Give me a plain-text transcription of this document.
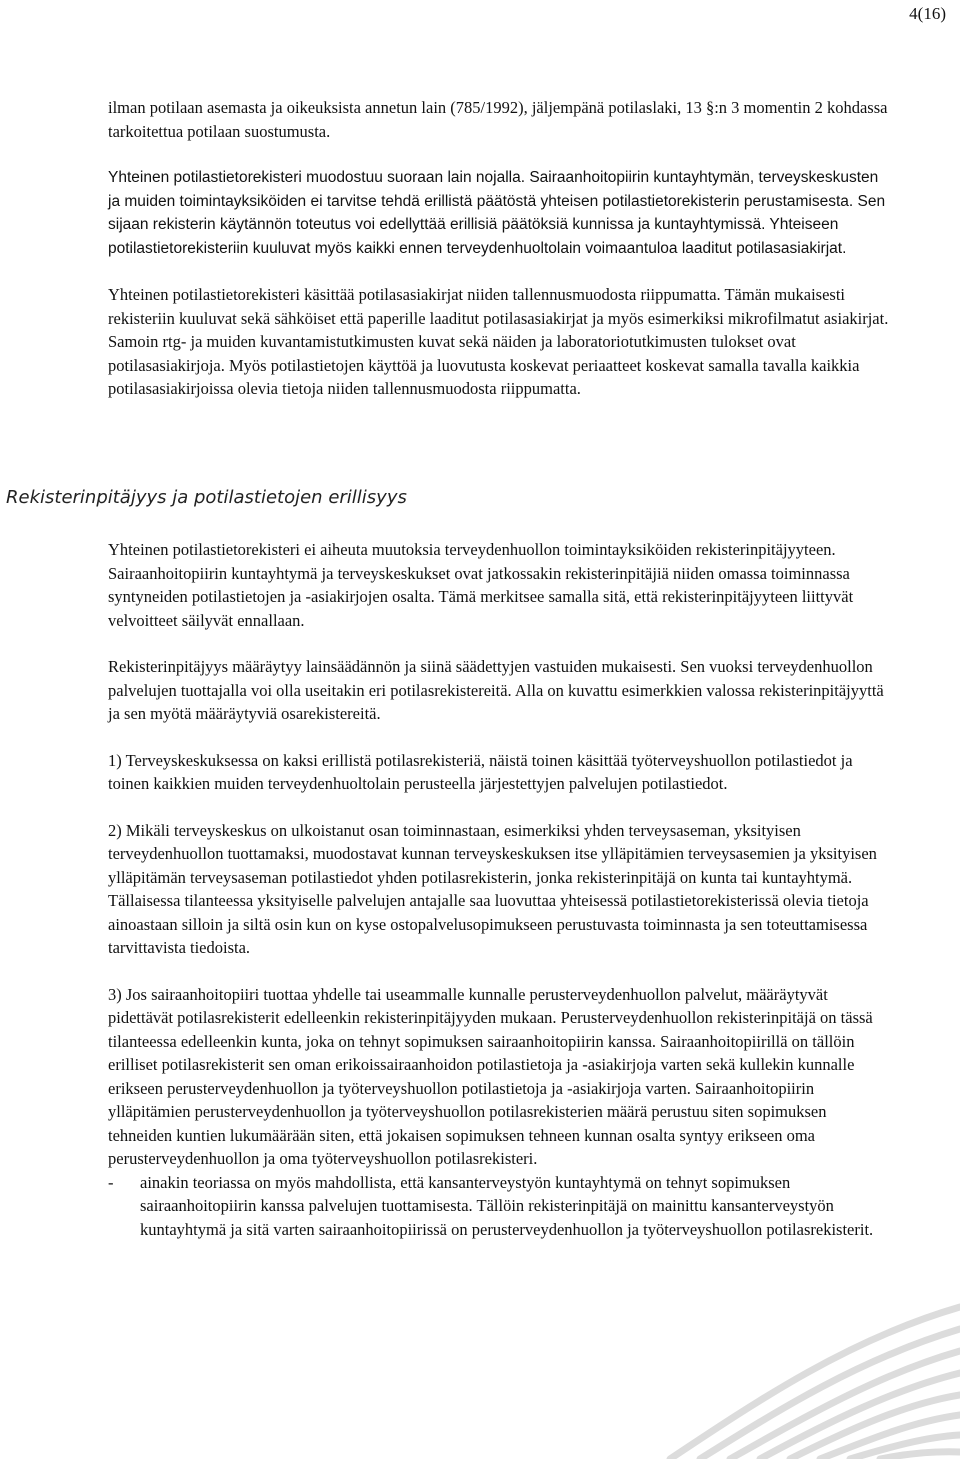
4(16)

ilman potilaan asemasta ja oikeuksista annetun lain (785/1992), jäljempänä potilaslaki, 13 §:n 3 momentin 2 kohdassa tarkoitettua potilaan suostumusta.

Yhteinen potilastietorekisteri muodostuu suoraan lain nojalla. Sairaanhoitopiirin kuntayhtymän, terveyskeskusten ja muiden toimintayksiköiden ei tarvitse tehdä erillistä päätöstä yhteisen potilastietorekisterin perustamisesta. Sen sijaan rekisterin käytännön toteutus voi edellyttää erillisiä päätöksiä kunnissa ja kuntayhtymissä. Yhteiseen potilastietorekisteriin kuuluvat myös kaikki ennen terveydenhuoltolain voimaantuloa laaditut potilasasiakirjat.

Yhteinen potilastietorekisteri käsittää potilasasiakirjat niiden tallennusmuodosta riippumatta. Tämän mukaisesti rekisteriin kuuluvat sekä sähköiset että paperille laaditut potilasasiakirjat ja myös esimerkiksi mikrofilmatut asiakirjat. Samoin rtg- ja muiden kuvantamistutkimusten kuvat sekä näiden ja laboratoriotutkimusten tulokset ovat potilasasiakirjoja. Myös potilastietojen käyttöä ja luovutusta koskevat periaatteet koskevat samalla tavalla kaikkia potilasasiakirjoissa olevia tietoja niiden tallennusmuodosta riippumatta.

Rekisterinpitäjyys ja potilastietojen erillisyys

Yhteinen potilastietorekisteri ei aiheuta muutoksia terveydenhuollon toimintayksiköiden rekisterinpitäjyyteen. Sairaanhoitopiirin kuntayhtymä ja terveyskeskukset ovat jatkossakin rekisterinpitäjiä niiden omassa toiminnassa syntyneiden potilastietojen ja -asiakirjojen osalta. Tämä merkitsee samalla sitä, että rekisterinpitäjyyteen liittyvät velvoitteet säilyvät ennallaan.

Rekisterinpitäjyys määräytyy lainsäädännön ja siinä säädettyjen vastuiden mukaisesti. Sen vuoksi terveydenhuollon palvelujen tuottajalla voi olla useitakin eri potilasrekistereitä. Alla on kuvattu esimerkkien valossa rekisterinpitäjyyttä ja sen myötä määräytyviä osarekistereitä.

1) Terveyskeskuksessa on kaksi erillistä potilasrekisteriä, näistä toinen käsittää työterveyshuollon potilastiedot ja toinen kaikkien muiden terveydenhuoltolain perusteella järjestettyjen palvelujen potilastiedot.

2) Mikäli terveyskeskus on ulkoistanut osan toiminnastaan, esimerkiksi yhden terveysaseman, yksityisen terveydenhuollon tuottamaksi, muodostavat kunnan terveyskeskuksen itse ylläpitämien terveysasemien ja yksityisen ylläpitämän terveysaseman potilastiedot yhden potilasrekisterin, jonka rekisterinpitäjä on kunta tai kuntayhtymä. Tällaisessa tilanteessa yksityiselle palvelujen antajalle saa luovuttaa yhteisessä potilastietorekisterissä olevia tietoja ainoastaan silloin ja siltä osin kun on kyse ostopalvelusopimukseen perustuvasta toiminnasta ja sen toteuttamisessa tarvittavista tiedoista.

3) Jos sairaanhoitopiiri tuottaa yhdelle tai useammalle kunnalle perusterveydenhuollon palvelut, määräytyvät pidettävät potilasrekisterit edelleenkin rekisterinpitäjyyden mukaan. Perusterveydenhuollon rekisterinpitäjä on tässä tilanteessa edelleenkin kunta, joka on tehnyt sopimuksen sairaanhoitopiirin kanssa. Sairaanhoitopiirillä on tällöin erilliset potilasrekisterit sen oman erikoissairaanhoidon potilastietoja ja -asiakirjoja varten sekä kullekin kunnalle erikseen perusterveydenhuollon ja työterveyshuollon potilastietoja ja -asiakirjoja varten. Sairaanhoitopiirin ylläpitämien perusterveydenhuollon ja työterveyshuollon potilasrekisterien määrä perustuu siten sopimuksen tehneiden kuntien lukumäärään siten, että jokaisen sopimuksen tehneen kunnan osalta syntyy erikseen oma perusterveydenhuollon ja oma työterveyshuollon potilasrekisteri.

- ainakin teoriassa on myös mahdollista, että kansanterveystyön kuntayhtymä on tehnyt sopimuksen sairaanhoitopiirin kanssa palvelujen tuottamisesta. Tällöin rekisterinpitäjä on mainittu kansanterveystyön kuntayhtymä ja sitä varten sairaanhoitopiirissä on perusterveydenhuollon ja työterveyshuollon potilasrekisterit.
